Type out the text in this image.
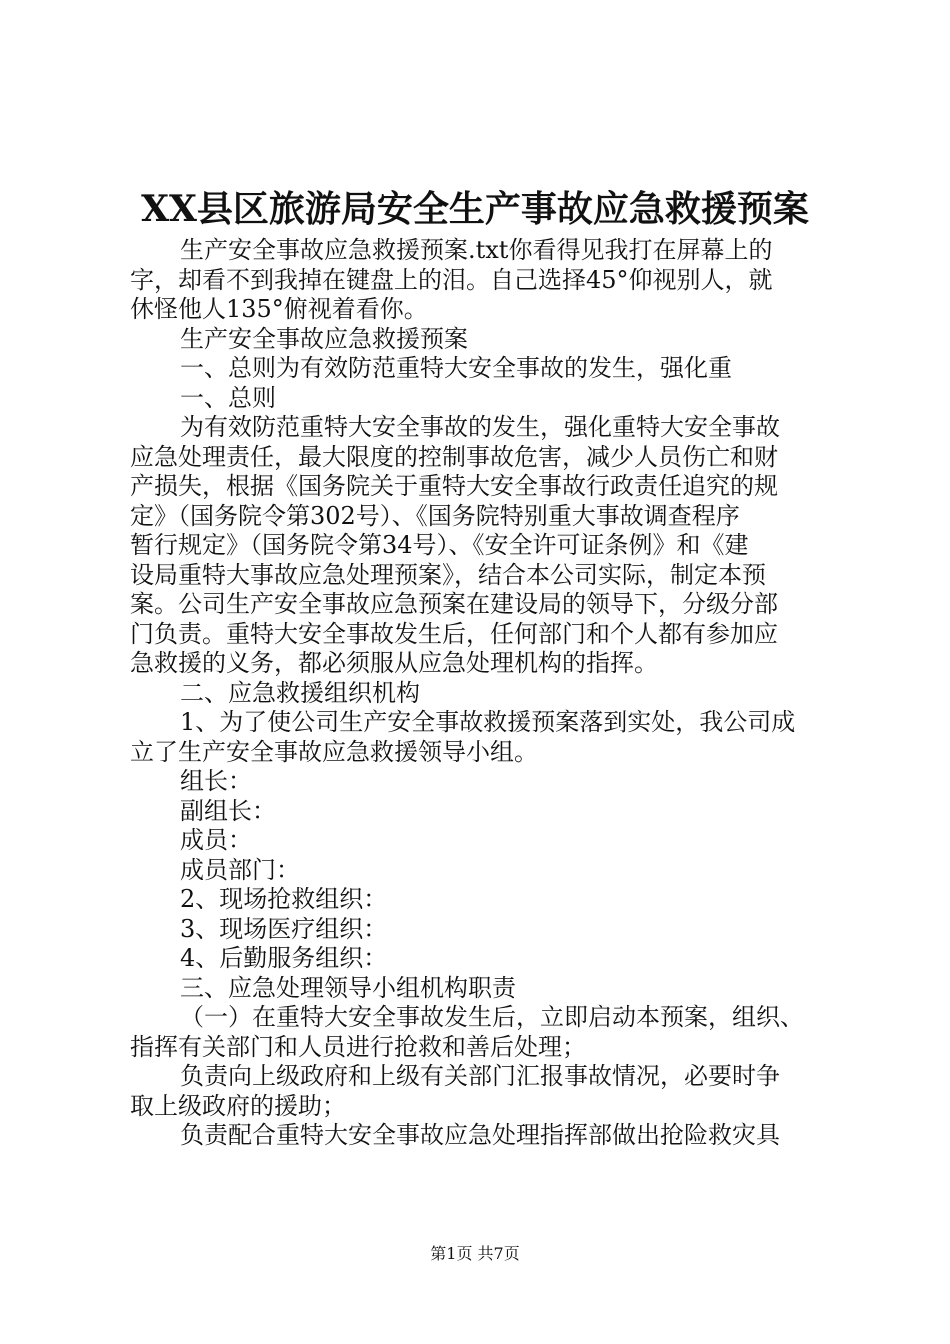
XX县区旅游局安全生产事故应急救援预案
生产安全事故应急救援预案.txt你看得见我打在屏幕上的
字，却看不到我掉在键盘上的泪。自己选择45°仰视别人，就
休怪他人135°俯视着看你。
生产安全事故应急救援预案
一、总则为有效防范重特大安全事故的发生，强化重
一、总则
为有效防范重特大安全事故的发生，强化重特大安全事故
应急处理责任，最大限度的控制事故危害，减少人员伤亡和财
产损失，根据《国务院关于重特大安全事故行政责任追究的规
定》（国务院令第302号）、《国务院特别重大事故调查程序
暂行规定》（国务院令第34号）、《安全许可证条例》和《建
设局重特大事故应急处理预案》，结合本公司实际，制定本预
案。公司生产安全事故应急预案在建设局的领导下，分级分部
门负责。重特大安全事故发生后，任何部门和个人都有参加应
急救援的义务，都必须服从应急处理机构的指挥。
二、应急救援组织机构
1、为了使公司生产安全事故救援预案落到实处，我公司成
立了生产安全事故应急救援领导小组。
组长：
副组长：
成员：
成员部门：
2、现场抢救组织：
3、现场医疗组织：
4、后勤服务组织：
三、应急处理领导小组机构职责
（一）在重特大安全事故发生后，立即启动本预案，组织、
指挥有关部门和人员进行抢救和善后处理；
负责向上级政府和上级有关部门汇报事故情况，必要时争
取上级政府的援助；
负责配合重特大安全事故应急处理指挥部做出抢险救灾具
第1页 共7页
